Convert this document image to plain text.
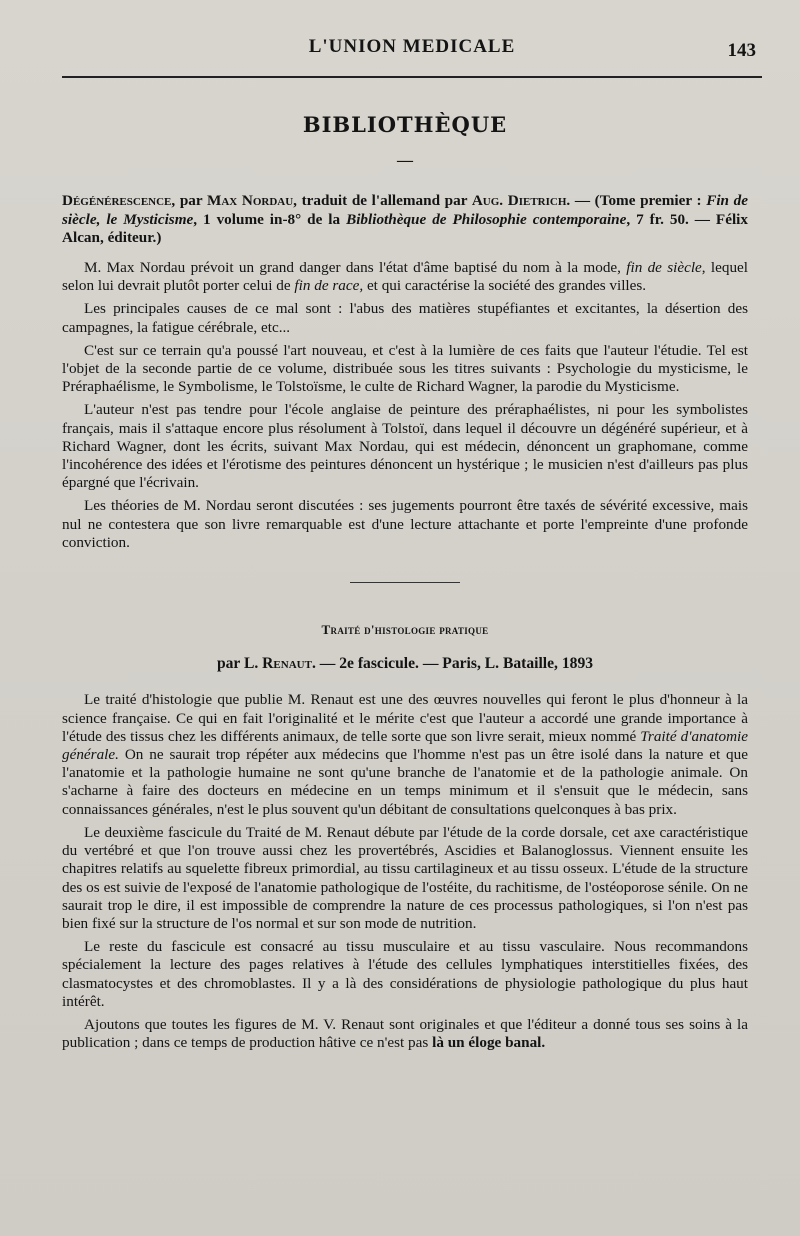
L'UNION MEDICALE	143
BIBLIOTHÈQUE
—

Dégénérescence, par Max Nordau, traduit de l'allemand par Aug. Dietrich. — (Tome premier : Fin de siècle, le Mysticisme, 1 volume in-8° de la Bibliothèque de Philosophie contemporaine, 7 fr. 50. — Félix Alcan, éditeur.)

M. Max Nordau prévoit un grand danger dans l'état d'âme baptisé du nom à la mode, fin de siècle, lequel selon lui devrait plutôt porter celui de fin de race, et qui caractérise la société des grandes villes.

Les principales causes de ce mal sont : l'abus des matières stupéfiantes et excitantes, la désertion des campagnes, la fatigue cérébrale, etc...

C'est sur ce terrain qu'a poussé l'art nouveau, et c'est à la lumière de ces faits que l'auteur l'étudie. Tel est l'objet de la seconde partie de ce volume, distribuée sous les titres suivants : Psychologie du mysticisme, le Préraphaélisme, le Symbolisme, le Tolstoïsme, le culte de Richard Wagner, la parodie du Mysticisme.

L'auteur n'est pas tendre pour l'école anglaise de peinture des préraphaélistes, ni pour les symbolistes français, mais il s'attaque encore plus résolument à Tolstoï, dans lequel il découvre un dégénéré supérieur, et à Richard Wagner, dont les écrits, suivant Max Nordau, qui est médecin, dénoncent un graphomane, comme l'incohérence des idées et l'érotisme des peintures dénoncent un hystérique ; le musicien n'est d'ailleurs pas plus épargné que l'écrivain.

Les théories de M. Nordau seront discutées : ses jugements pourront être taxés de sévérité excessive, mais nul ne contestera que son livre remarquable est d'une lecture attachante et porte l'empreinte d'une profonde conviction.

Traité d'histologie pratique
par L. Renaut. — 2e fascicule. — Paris, L. Bataille, 1893

Le traité d'histologie que publie M. Renaut est une des œuvres nouvelles qui feront le plus d'honneur à la science française. Ce qui en fait l'originalité et le mérite c'est que l'auteur a accordé une grande importance à l'étude des tissus chez les différents animaux, de telle sorte que son livre serait, mieux nommé Traité d'anatomie générale. On ne saurait trop répéter aux médecins que l'homme n'est pas un être isolé dans la nature et que l'anatomie et la pathologie humaine ne sont qu'une branche de l'anatomie et de la pathologie animale. On s'acharne à faire des docteurs en médecine en un temps minimum et il s'ensuit que le médecin, sans connaissances générales, n'est le plus souvent qu'un débitant de consultations quelconques à bas prix.

Le deuxième fascicule du Traité de M. Renaut débute par l'étude de la corde dorsale, cet axe caractéristique du vertébré et que l'on trouve aussi chez les provertébrés, Ascidies et Balanoglossus. Viennent ensuite les chapitres relatifs au squelette fibreux primordial, au tissu cartilagineux et au tissu osseux. L'étude de la structure des os est suivie de l'exposé de l'anatomie pathologique de l'ostéite, du rachitisme, de l'ostéoporose sénile. On ne saurait trop le dire, il est impossible de comprendre la nature de ces processus pathologiques, si l'on n'est pas bien fixé sur la structure de l'os normal et sur son mode de nutrition.

Le reste du fascicule est consacré au tissu musculaire et au tissu vasculaire. Nous recommandons spécialement la lecture des pages relatives à l'étude des cellules lymphatiques interstitielles fixées, des clasmatocystes et des chromoblastes. Il y a là des considérations de physiologie pathologique du plus haut intérêt.

Ajoutons que toutes les figures de M. V. Renaut sont originales et que l'éditeur a donné tous ses soins à la publication ; dans ce temps de production hâtive ce n'est pas là un éloge banal.
